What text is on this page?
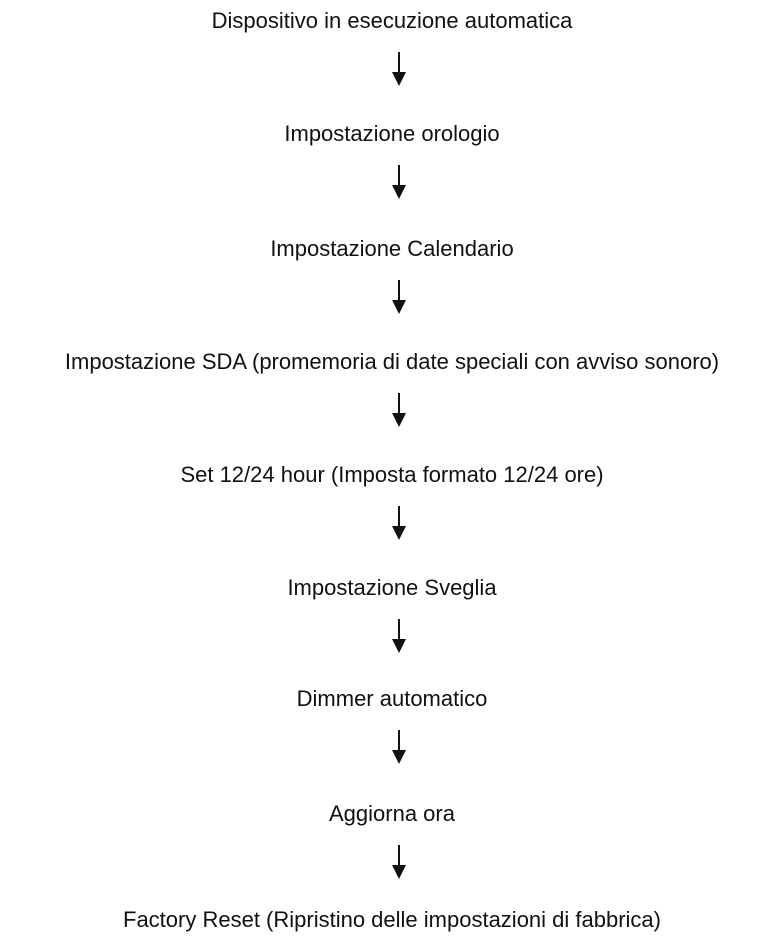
Dispositivo in esecuzione automatica
Impostazione orologio
Impostazione Calendario
Impostazione SDA (promemoria di date speciali con avviso sonoro)
Set 12/24 hour (Imposta formato 12/24 ore)
Impostazione Sveglia
Dimmer automatico
Aggiorna ora
Factory Reset (Ripristino delle impostazioni di fabbrica)
